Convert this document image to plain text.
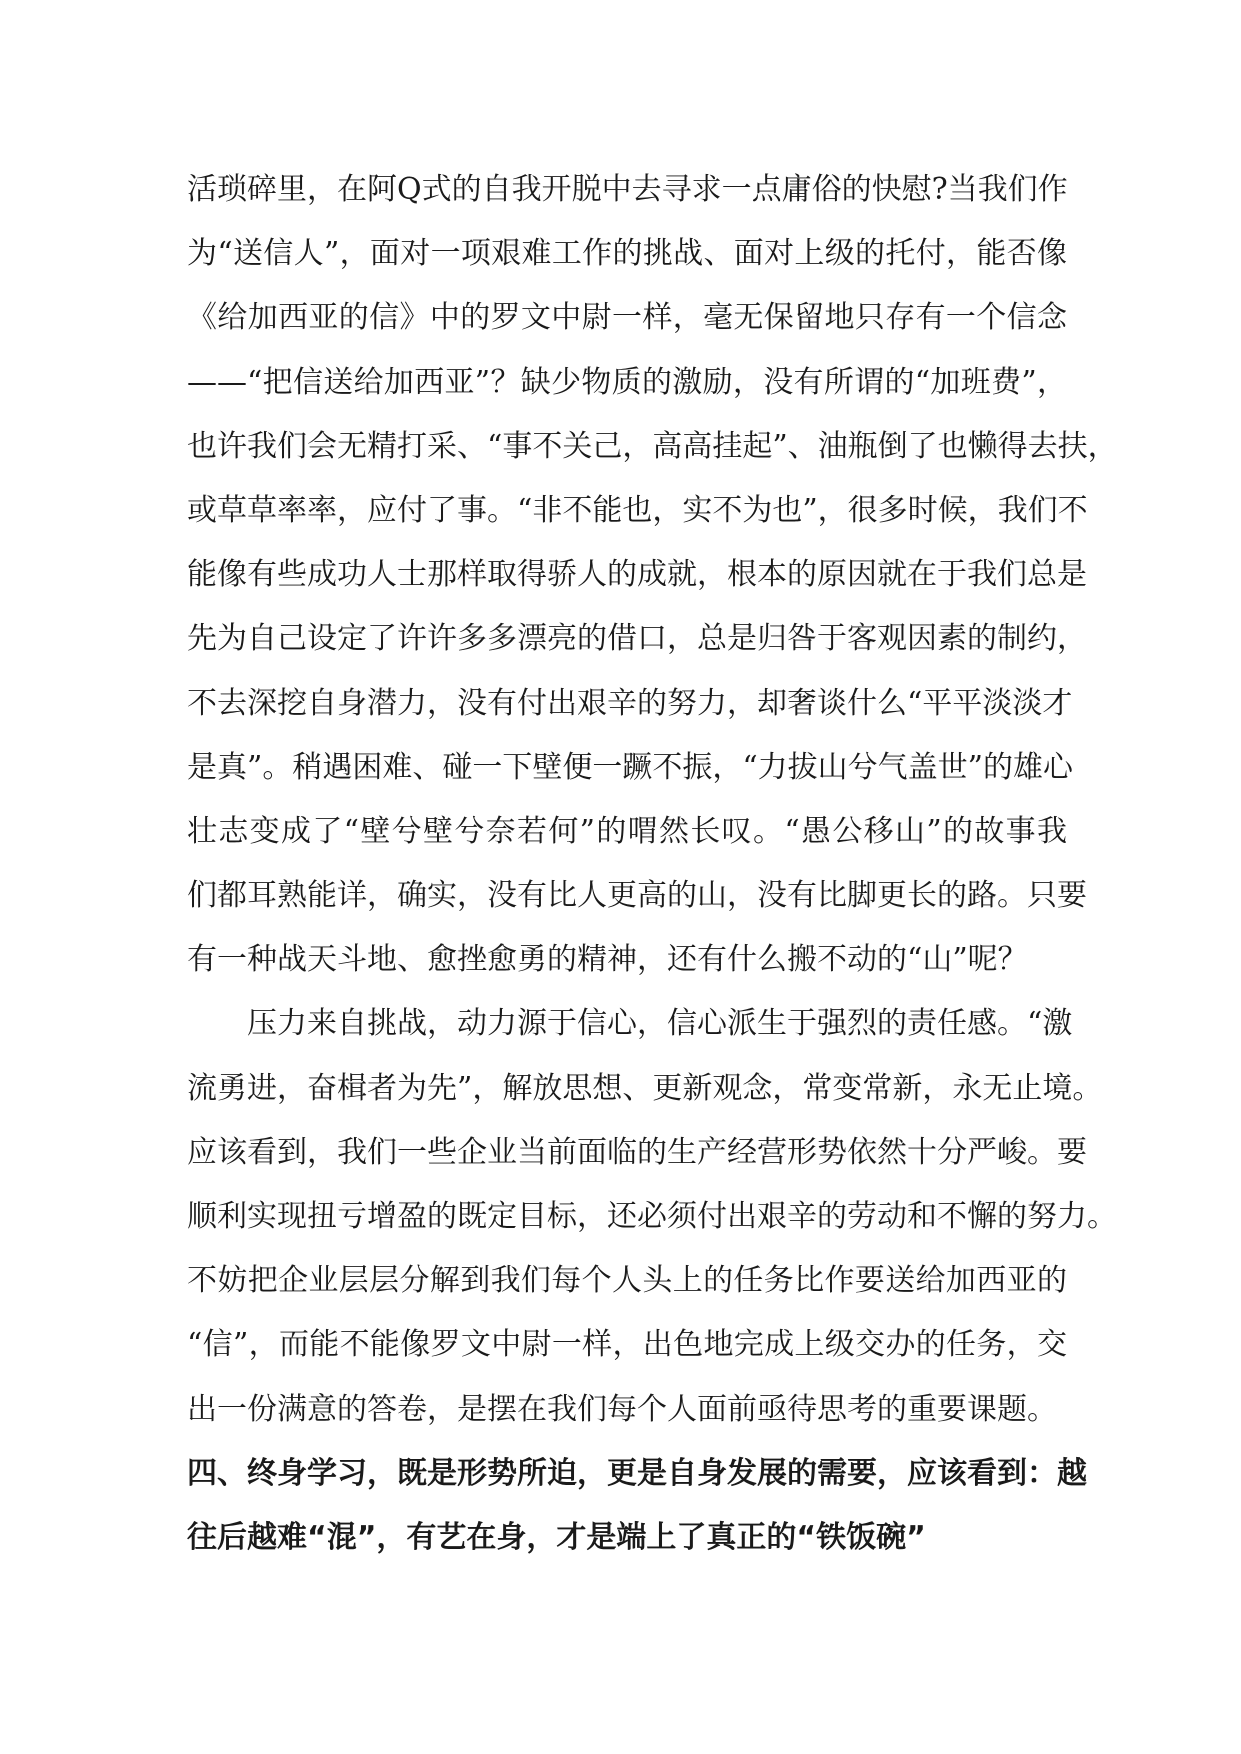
活琐碎里，在阿Q式的自我开脱中去寻求一点庸俗的快慰?当我们作
为“送信人”，面对一项艰难工作的挑战、面对上级的托付，能否像
《给加西亚的信》中的罗文中尉一样，毫无保留地只存有一个信念
——“把信送给加西亚”？缺少物质的激励，没有所谓的“加班费”，
也许我们会无精打采、“事不关己，高高挂起”、油瓶倒了也懒得去扶，
或草草率率，应付了事。“非不能也，实不为也”，很多时候，我们不
能像有些成功人士那样取得骄人的成就，根本的原因就在于我们总是
先为自己设定了许许多多漂亮的借口，总是归咎于客观因素的制约，
不去深挖自身潜力，没有付出艰辛的努力，却奢谈什么“平平淡淡才
是真”。稍遇困难、碰一下壁便一蹶不振，“力拔山兮气盖世”的雄心
壮志变成了“壁兮壁兮奈若何”的喟然长叹。“愚公移山”的故事我
们都耳熟能详，确实，没有比人更高的山，没有比脚更长的路。只要
有一种战天斗地、愈挫愈勇的精神，还有什么搬不动的“山”呢？
压力来自挑战，动力源于信心，信心派生于强烈的责任感。“激
流勇进，奋楫者为先”，解放思想、更新观念，常变常新，永无止境。
应该看到，我们一些企业当前面临的生产经营形势依然十分严峻。要
顺利实现扭亏增盈的既定目标，还必须付出艰辛的劳动和不懈的努力。
不妨把企业层层分解到我们每个人头上的任务比作要送给加西亚的
“信”，而能不能像罗文中尉一样，出色地完成上级交办的任务，交
出一份满意的答卷，是摆在我们每个人面前亟待思考的重要课题。
四、终身学习，既是形势所迫，更是自身发展的需要，应该看到：越
往后越难“混”，有艺在身，才是端上了真正的“铁饭碗”
